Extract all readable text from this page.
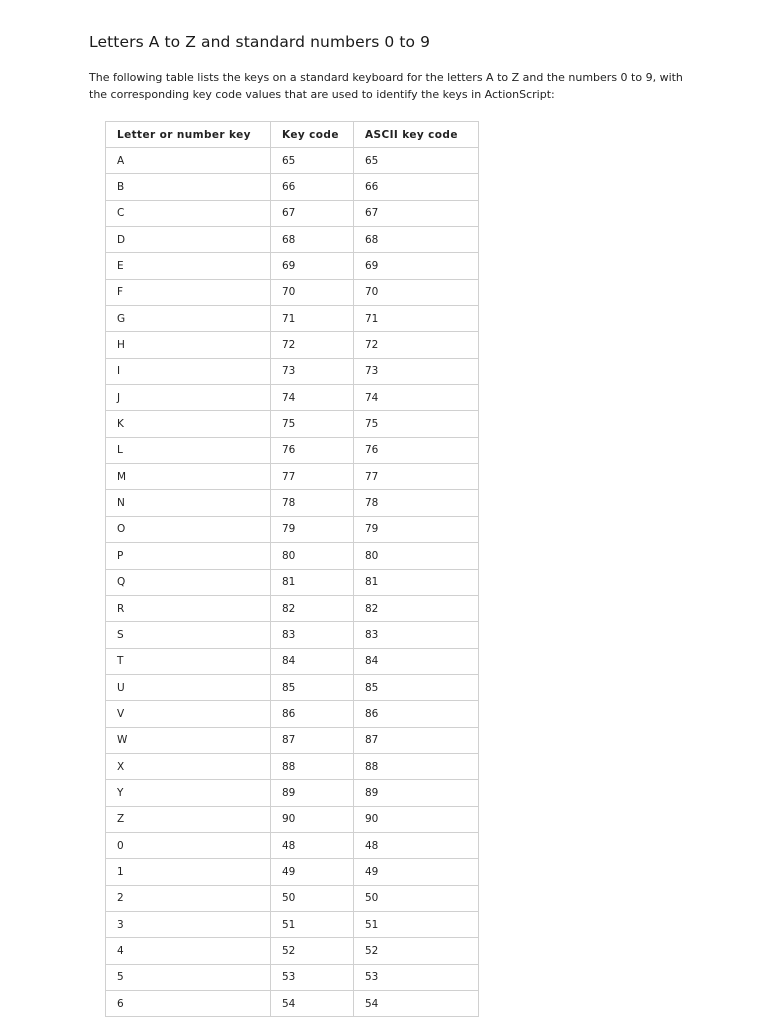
Letters A to Z and standard numbers 0 to 9
The following table lists the keys on a standard keyboard for the letters A to Z and the numbers 0 to 9, with the corresponding key code values that are used to identify the keys in ActionScript:
Letter or number key	Key code	ASCII key code
A	65	65
B	66	66
C	67	67
D	68	68
E	69	69
F	70	70
G	71	71
H	72	72
I	73	73
J	74	74
K	75	75
L	76	76
M	77	77
N	78	78
O	79	79
P	80	80
Q	81	81
R	82	82
S	83	83
T	84	84
U	85	85
V	86	86
W	87	87
X	88	88
Y	89	89
Z	90	90
0	48	48
1	49	49
2	50	50
3	51	51
4	52	52
5	53	53
6	54	54
